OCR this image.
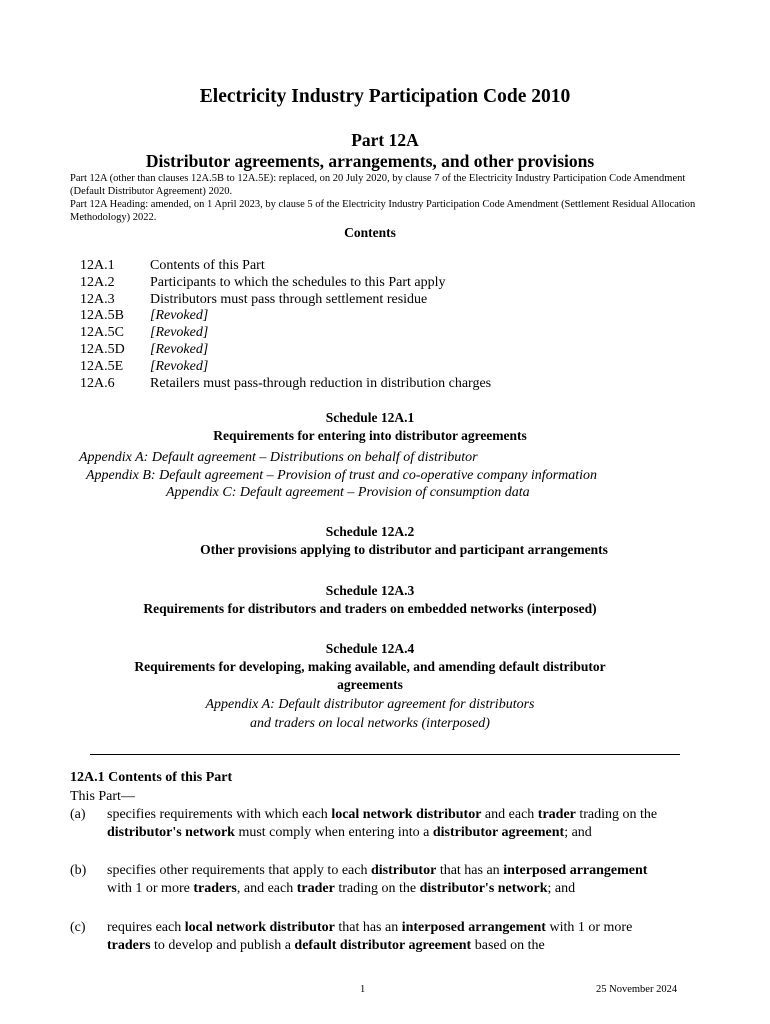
Electricity Industry Participation Code 2010
Part 12A
Distributor agreements, arrangements, and other provisions

Part 12A (other than clauses 12A.5B to 12A.5E): replaced, on 20 July 2020, by clause 7 of the Electricity Industry Participation Code Amendment (Default Distributor Agreement) 2020.

Part 12A Heading: amended, on 1 April 2023, by clause 5 of the Electricity Industry Participation Code Amendment (Settlement Residual Allocation Methodology) 2022.

Contents
12A.1	Contents of this Part
12A.2	Participants to which the schedules to this Part apply
12A.3	Distributors must pass through settlement residue
12A.5B	[Revoked]
12A.5C	[Revoked]
12A.5D	[Revoked]
12A.5E	[Revoked]
12A.6	Retailers must pass-through reduction in distribution charges
Schedule 12A.1
Requirements for entering into distributor agreements
Appendix A: Default agreement – Distributions on behalf of distributor
Appendix B: Default agreement – Provision of trust and co-operative company information
Appendix C: Default agreement – Provision of consumption data
Schedule 12A.2
Other provisions applying to distributor and participant arrangements
Schedule 12A.3
Requirements for distributors and traders on embedded networks (interposed)
Schedule 12A.4
Requirements for developing, making available, and amending default distributor
agreements
Appendix A: Default distributor agreement for distributors
and traders on local networks (interposed)
12A.1 Contents of this Part
This Part—
(a)	specifies requirements with which each local network distributor and each trader trading on the distributor's network must comply when entering into a distributor agreement; and
(b)	specifies other requirements that apply to each distributor that has an interposed arrangement with 1 or more traders, and each trader trading on the distributor's network; and
(c)	requires each local network distributor that has an interposed arrangement with 1 or more traders to develop and publish a default distributor agreement based on the
1	25 November 2024
